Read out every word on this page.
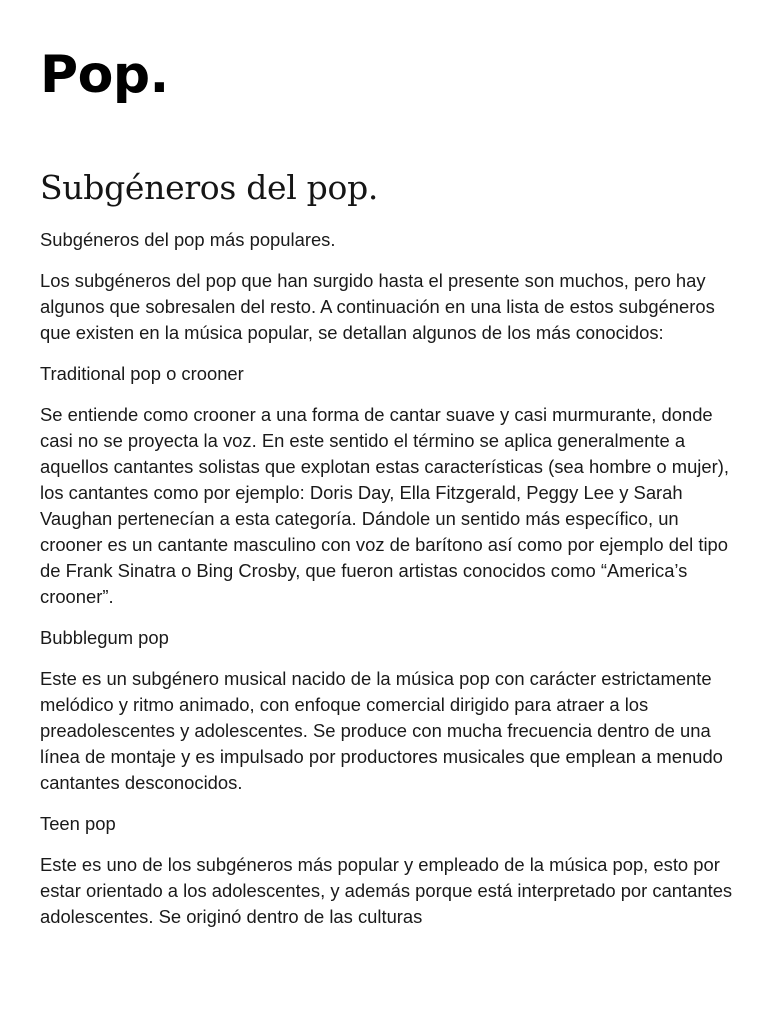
Pop.
Subgéneros del pop.

Subgéneros del pop más populares.

Los subgéneros del pop que han surgido hasta el presente son muchos, pero hay algunos que sobresalen del resto. A continuación en una lista de estos subgéneros que existen en la música popular, se detallan algunos de los más conocidos:

Traditional pop o crooner

Se entiende como crooner a una forma de cantar suave y casi murmurante, donde casi no se proyecta la voz. En este sentido el término se aplica generalmente a aquellos cantantes solistas que explotan estas características (sea hombre o mujer), los cantantes como por ejemplo: Doris Day, Ella Fitzgerald, Peggy Lee y Sarah Vaughan pertenecían a esta categoría. Dándole un sentido más específico, un crooner es un cantante masculino con voz de barítono así como por ejemplo del tipo de Frank Sinatra o Bing Crosby, que fueron artistas conocidos como “America’s crooner”.

Bubblegum pop

Este es un subgénero musical nacido de la música pop con carácter estrictamente melódico y ritmo animado, con enfoque comercial dirigido para atraer a los preadolescentes y adolescentes. Se produce con mucha frecuencia dentro de una línea de montaje y es impulsado por productores musicales que emplean a menudo cantantes desconocidos.

Teen pop

Este es uno de los subgéneros más popular y empleado de la música pop, esto por estar orientado a los adolescentes, y además porque está interpretado por cantantes adolescentes. Se originó dentro de las culturas
